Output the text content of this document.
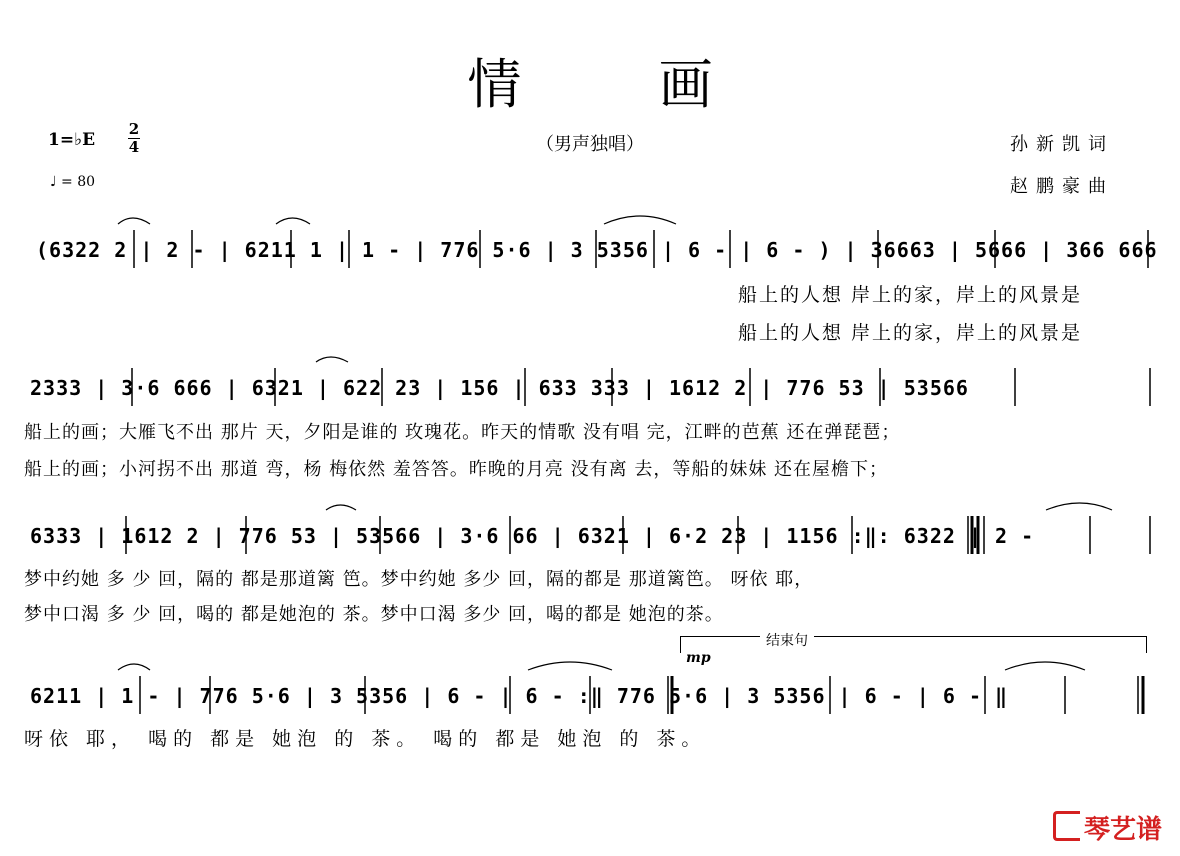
情 画
1=♭E
2
4
♩ = 80
（男声独唱）	孙新凯词
赵鹏豪曲
(6322 2 | 2 - | 6211 1 | 1 - | 776 5·6 | 3 5356 | 6 - | 6 - ) | 36663 | 5666 | 366 666
船上的人想 岸上的家，岸上的风景是
船上的人想 岸上的家，岸上的风景是
2333 | 3·6 666 | 6321 | 622 23 | 156 | 633 333 | 1612 2 | 776 53 | 53566
船上的画；大雁飞不出 那片 天，夕阳是谁的 玫瑰花。昨天的情歌 没有唱 完，江畔的芭蕉 还在弹琵琶；
船上的画；小河拐不出 那道 弯，杨 梅依然 羞答答。昨晚的月亮 没有离 去，等船的妹妹 还在屋檐下；
6333 | 1612 2 | 776 53 | 53566 | 3·6 66 | 6321 | 6·2 23 | 1156 :‖: 6322 | 2 -
梦中约她 多 少 回，隔的 都是那道篱 笆。梦中约她 多少 回，隔的都是 那道篱笆。 呀依 耶，
梦中口渴 多 少 回，喝的 都是她泡的 茶。梦中口渴 多少 回，喝的都是 她泡的茶。
结束句
mp
6211 | 1 - | 776 5·6 | 3 5356 | 6 - | 6 - :‖ 776 5·6 | 3 5356 | 6 - | 6 - ‖
呀依 耶， 喝的 都是 她泡 的 茶。 喝的 都是 她泡 的 茶。
琴艺谱
